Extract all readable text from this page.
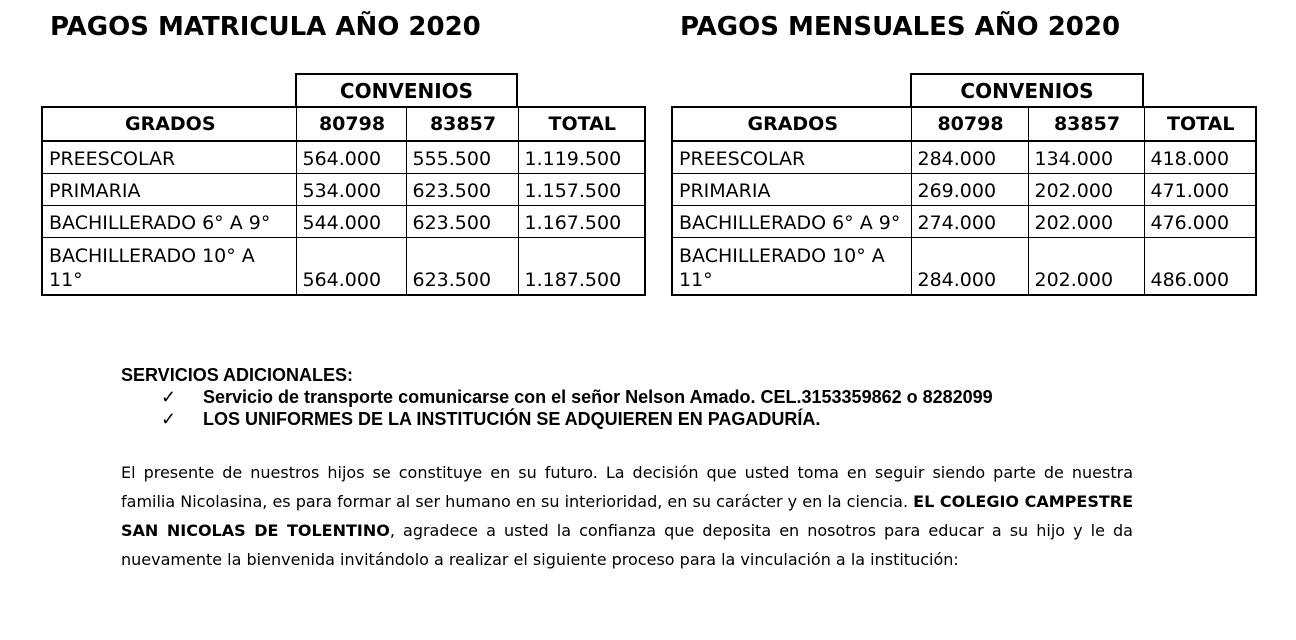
PAGOS MATRICULA AÑO 2020	PAGOS MENSUALES AÑO 2020
CONVENIOS	CONVENIOS
GRADOS	80798	83857	TOTAL
PREESCOLAR	564.000	555.500	1.119.500
PRIMARIA	534.000	623.500	1.157.500
BACHILLERADO 6° A 9°	544.000	623.500	1.167.500
BACHILLERADO 10° A 11°	564.000	623.500	1.187.500
GRADOS	80798	83857	TOTAL
PREESCOLAR	284.000	134.000	418.000
PRIMARIA	269.000	202.000	471.000
BACHILLERADO 6° A 9°	274.000	202.000	476.000
BACHILLERADO 10° A 11°	284.000	202.000	486.000
SERVICIOS ADICIONALES:
✓	Servicio de transporte comunicarse con el señor Nelson Amado. CEL.3153359862 o 8282099
✓	LOS UNIFORMES DE LA INSTITUCIÓN SE ADQUIEREN EN PAGADURÍA.

El presente de nuestros hijos se constituye en su futuro. La decisión que usted toma en seguir siendo parte de nuestra familia Nicolasina, es para formar al ser humano en su interioridad, en su carácter y en la ciencia. EL COLEGIO CAMPESTRE SAN NICOLAS DE TOLENTINO, agradece a usted la confianza que deposita en nosotros para educar a su hijo y le da nuevamente la bienvenida invitándolo a realizar el siguiente proceso para la vinculación a la institución:
